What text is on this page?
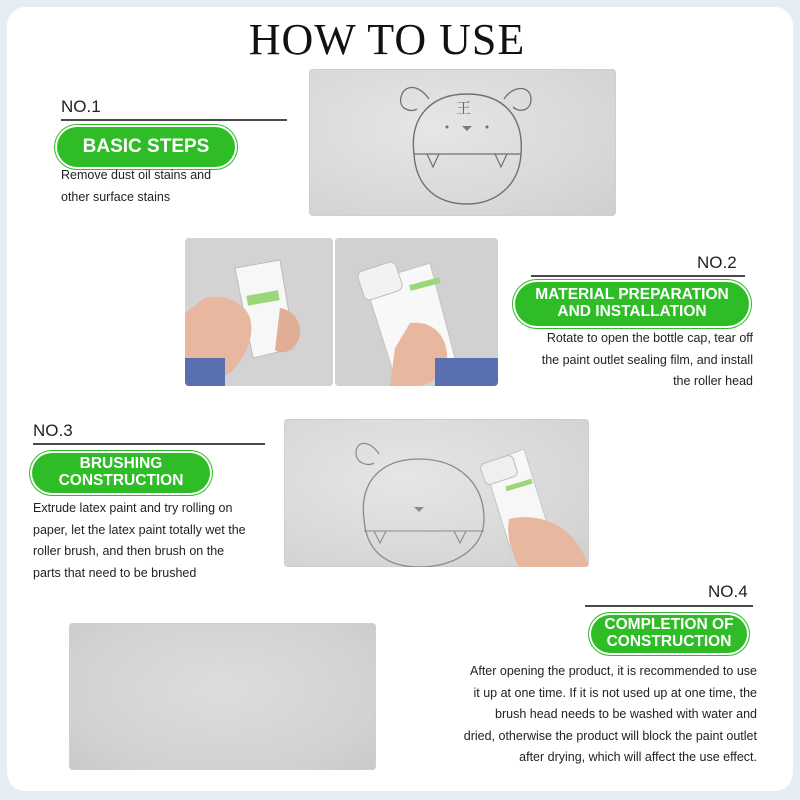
HOW TO USE
NO.1
BASIC STEPS
Remove dust oil stains and
other surface stains
王
NO.2
MATERIAL PREPARATION
AND INSTALLATION
Rotate to open the bottle cap, tear off
the paint outlet sealing film, and install
the roller head
NO.3
BRUSHING
CONSTRUCTION
Extrude latex paint and try rolling on
paper, let the latex paint totally wet the
roller brush, and then brush on the
parts that need to be brushed
NO.4
COMPLETION OF
CONSTRUCTION
After opening the product, it is recommended to use
it up at one time. If it is not used up at one time, the
brush head needs to be washed with water and
dried, otherwise the product will block the paint outlet
after drying, which will affect the use effect.
